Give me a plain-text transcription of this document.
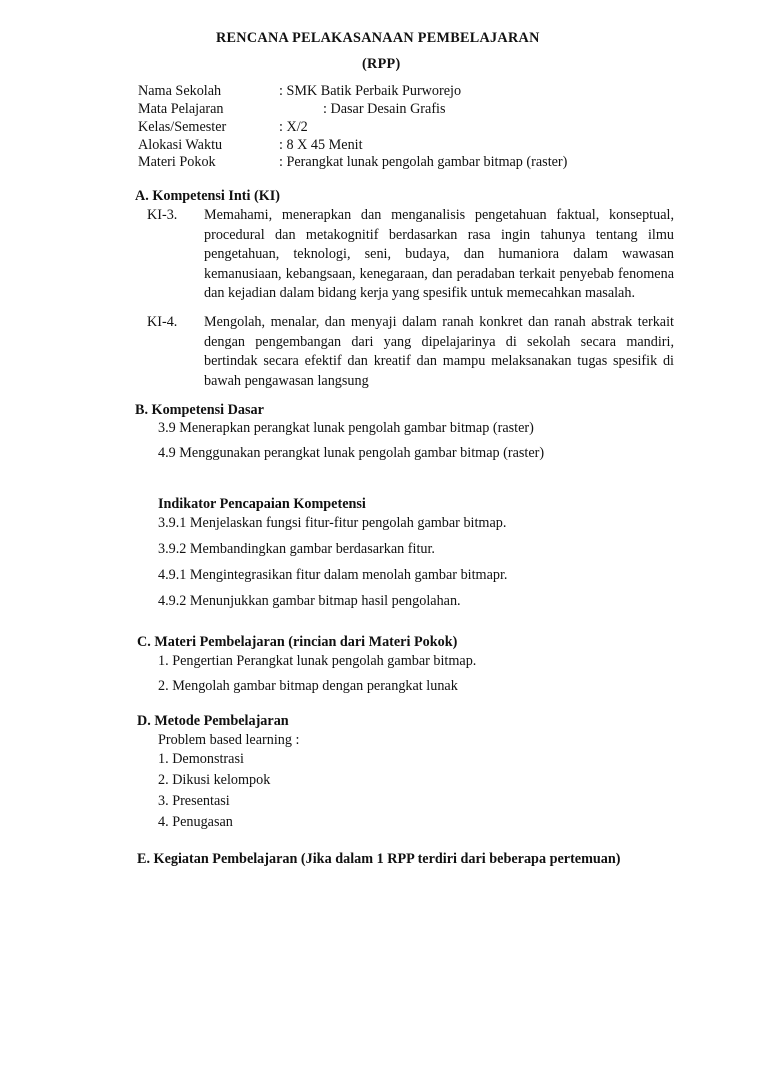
RENCANA PELAKASANAAN PEMBELAJARAN
(RPP)
Nama Sekolah	: SMK Batik Perbaik Purworejo
Mata Pelajaran	: Dasar Desain Grafis
Kelas/Semester	: X/2
Alokasi Waktu	: 8 X 45 Menit
Materi Pokok	: Perangkat lunak pengolah gambar bitmap (raster)
A. Kompetensi Inti (KI)
KI-3. Memahami, menerapkan dan menganalisis pengetahuan faktual, konseptual, procedural dan metakognitif berdasarkan rasa ingin tahunya tentang ilmu pengetahuan, teknologi, seni, budaya, dan humaniora dalam wawasan kemanusiaan, kebangsaan, kenegaraan, dan peradaban terkait penyebab fenomena dan kejadian dalam bidang kerja yang spesifik untuk memecahkan masalah.
KI-4. Mengolah, menalar, dan menyaji dalam ranah konkret dan ranah abstrak terkait dengan pengembangan dari yang dipelajarinya di sekolah secara mandiri, bertindak secara efektif dan kreatif dan mampu melaksanakan tugas spesifik di bawah pengawasan langsung
B. Kompetensi Dasar
3.9 Menerapkan perangkat lunak pengolah gambar bitmap (raster)
4.9 Menggunakan perangkat lunak pengolah gambar bitmap (raster)
Indikator Pencapaian Kompetensi
3.9.1 Menjelaskan fungsi fitur-fitur pengolah gambar bitmap.
3.9.2 Membandingkan gambar berdasarkan fitur.
4.9.1 Mengintegrasikan fitur dalam menolah gambar bitmapr.
4.9.2 Menunjukkan gambar bitmap hasil pengolahan.
C. Materi Pembelajaran (rincian dari Materi Pokok)
1. Pengertian Perangkat lunak pengolah gambar bitmap.
2. Mengolah gambar bitmap dengan perangkat lunak
D. Metode Pembelajaran
Problem based learning :
1. Demonstrasi
2. Dikusi kelompok
3. Presentasi
4. Penugasan
E. Kegiatan Pembelajaran (Jika dalam 1 RPP terdiri dari beberapa pertemuan)
